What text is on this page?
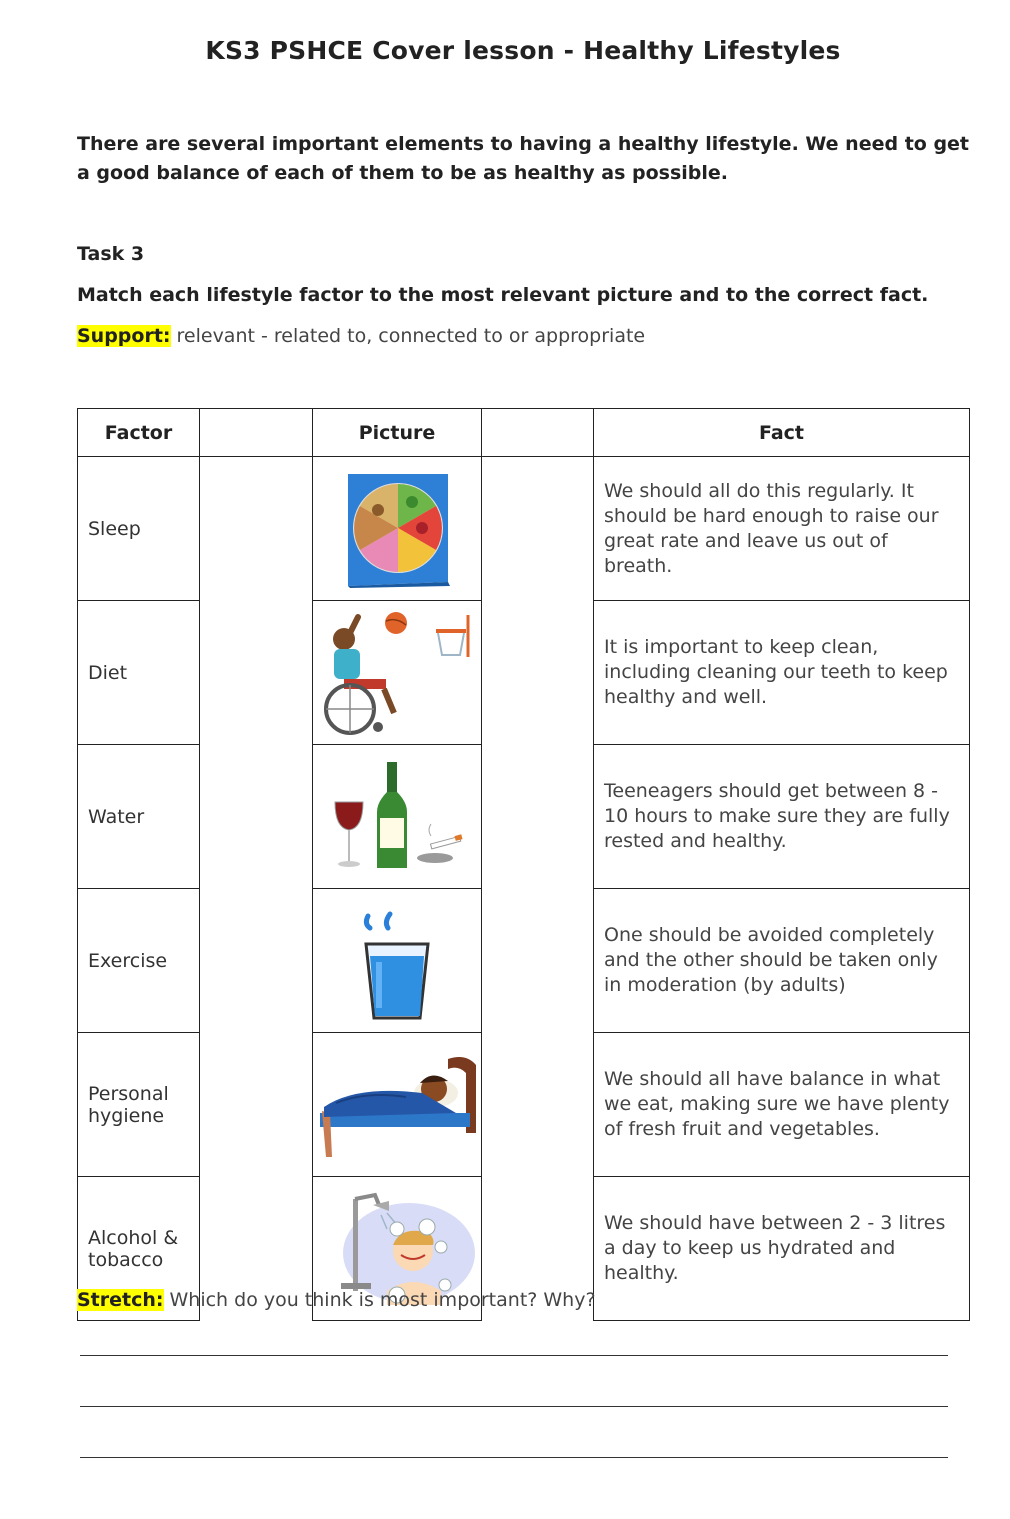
KS3 PSHCE Cover lesson - Healthy Lifestyles
There are several important elements to having a healthy lifestyle. We need to get a good balance of each of them to be as healthy as possible.
Task 3
Match each lifestyle factor to the most relevant picture and to the correct fact.
Support: relevant - related to, connected to or appropriate
Factor		Picture		Fact
Sleep				We should all do this regularly. It should be hard enough to raise our great rate and leave us out of breath.
Diet				It is important to keep clean, including cleaning our teeth to keep healthy and well.
Water				Teeneagers should get between 8 - 10 hours to make sure they are fully rested and healthy.
Exercise				One should be avoided completely and the other should be taken only in moderation (by adults)
Personal hygiene				We should all have balance in what we eat, making sure we have plenty of fresh fruit and vegetables.
Alcohol & tobacco				We should have between 2 - 3 litres a day to keep us hydrated and healthy.
Stretch: Which do you think is most important? Why?
